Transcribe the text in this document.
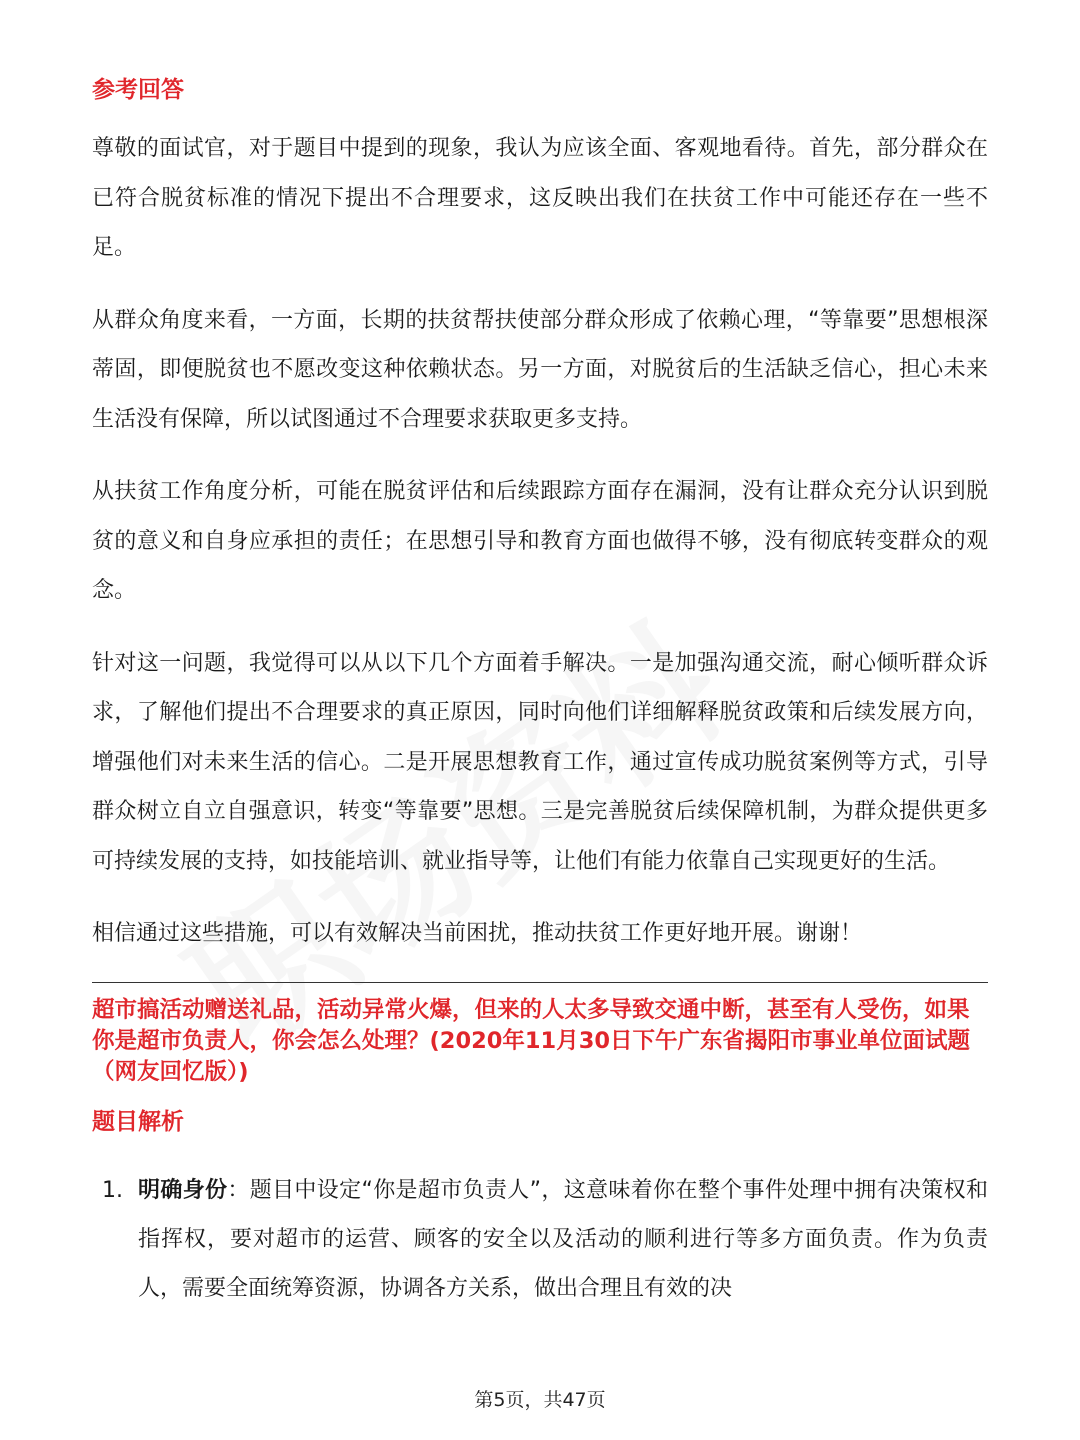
参考回答

尊敬的面试官，对于题目中提到的现象，我认为应该全面、客观地看待。首先，部分群众在已符合脱贫标准的情况下提出不合理要求，这反映出我们在扶贫工作中可能还存在一些不足。

从群众角度来看，一方面，长期的扶贫帮扶使部分群众形成了依赖心理，“等靠要”思想根深蒂固，即便脱贫也不愿改变这种依赖状态。另一方面，对脱贫后的生活缺乏信心，担心未来生活没有保障，所以试图通过不合理要求获取更多支持。

从扶贫工作角度分析，可能在脱贫评估和后续跟踪方面存在漏洞，没有让群众充分认识到脱贫的意义和自身应承担的责任；在思想引导和教育方面也做得不够，没有彻底转变群众的观念。

针对这一问题，我觉得可以从以下几个方面着手解决。一是加强沟通交流，耐心倾听群众诉求，了解他们提出不合理要求的真正原因，同时向他们详细解释脱贫政策和后续发展方向，增强他们对未来生活的信心。二是开展思想教育工作，通过宣传成功脱贫案例等方式，引导群众树立自立自强意识，转变“等靠要”思想。三是完善脱贫后续保障机制，为群众提供更多可持续发展的支持，如技能培训、就业指导等，让他们有能力依靠自己实现更好的生活。

相信通过这些措施，可以有效解决当前困扰，推动扶贫工作更好地开展。谢谢！

超市搞活动赠送礼品，活动异常火爆，但来的人太多导致交通中断，甚至有人受伤，如果你是超市负责人，你会怎么处理？(2020年11月30日下午广东省揭阳市事业单位面试题（网友回忆版）)
题目解析
1. 明确身份：题目中设定“你是超市负责人”，这意味着你在整个事件处理中拥有决策权和指挥权，要对超市的运营、顾客的安全以及活动的顺利进行等多方面负责。作为负责人，需要全面统筹资源，协调各方关系，做出合理且有效的决
第5页，共47页
